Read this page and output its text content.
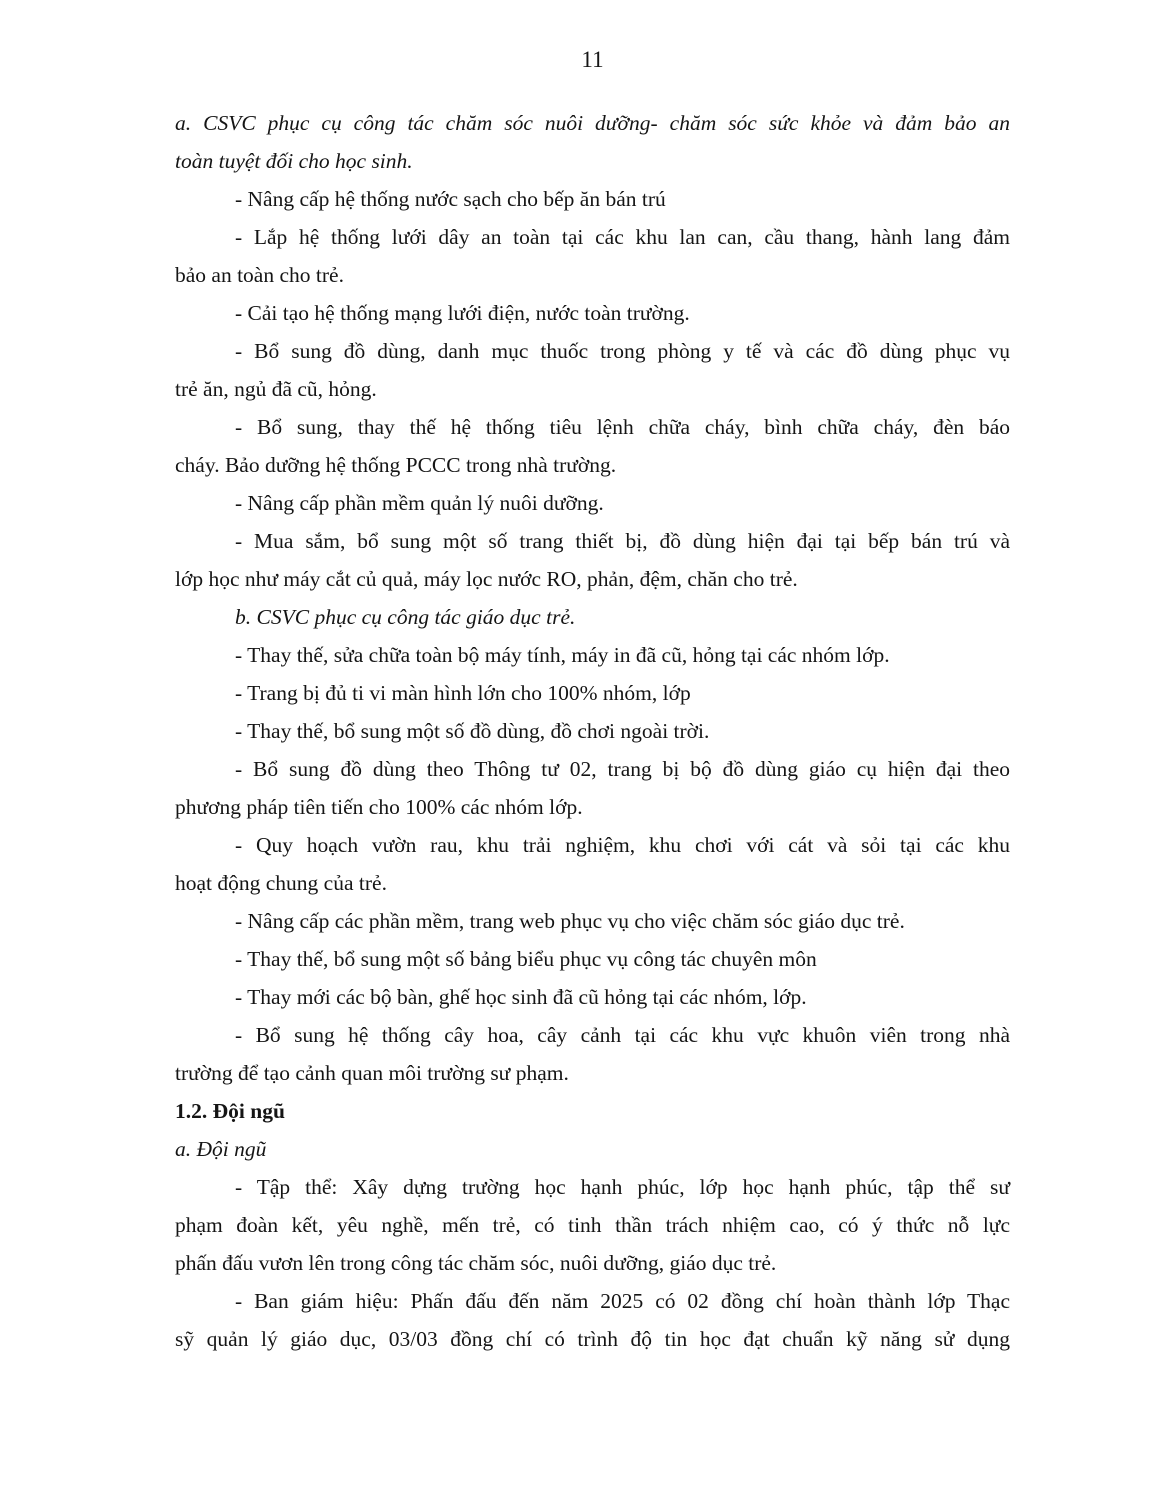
11
a. CSVC phục cụ công tác chăm sóc nuôi dưỡng- chăm sóc sức khỏe và đảm bảo an
toàn tuyệt đối cho học sinh.
- Nâng cấp hệ thống nước sạch cho bếp ăn bán trú
- Lắp hệ thống lưới dây an toàn tại các khu lan can, cầu thang, hành lang đảm
bảo an toàn cho trẻ.
- Cải tạo hệ thống mạng lưới điện, nước toàn trường.
- Bổ sung đồ dùng, danh mục thuốc trong phòng y tế và các đồ dùng phục vụ
trẻ ăn, ngủ đã cũ, hỏng.
- Bổ sung, thay thế hệ thống tiêu lệnh chữa cháy, bình chữa cháy, đèn báo
cháy. Bảo dưỡng hệ thống PCCC trong nhà trường.
- Nâng cấp phần mềm quản lý nuôi dưỡng.
- Mua sắm, bổ sung một số trang thiết bị, đồ dùng hiện đại tại bếp bán trú và
lớp học như máy cắt củ quả, máy lọc nước RO, phản, đệm, chăn cho trẻ.
b. CSVC phục cụ công tác giáo dục trẻ.
- Thay thế, sửa chữa toàn bộ máy tính, máy in đã cũ, hỏng tại các nhóm lớp.
- Trang bị đủ ti vi màn hình lớn cho 100% nhóm, lớp
- Thay thế, bổ sung một số đồ dùng, đồ chơi ngoài trời.
- Bổ sung đồ dùng theo Thông tư 02, trang bị bộ đồ dùng giáo cụ hiện đại theo
phương pháp tiên tiến cho 100% các nhóm lớp.
- Quy hoạch vườn rau, khu trải nghiệm, khu chơi với cát và sỏi tại các khu
hoạt động chung của trẻ.
- Nâng cấp các phần mềm, trang web phục vụ cho việc chăm sóc giáo dục trẻ.
- Thay thế, bổ sung một số bảng biểu phục vụ công tác chuyên môn
- Thay mới các bộ bàn, ghế học sinh đã cũ hỏng tại các nhóm, lớp.
- Bổ sung hệ thống cây hoa, cây cảnh tại các khu vực khuôn viên trong nhà
trường để tạo cảnh quan môi trường sư phạm.
1.2. Đội ngũ
a. Đội ngũ
- Tập thể: Xây dựng trường học hạnh phúc, lớp học hạnh phúc, tập thể sư
phạm đoàn kết, yêu nghề, mến trẻ, có tinh thần trách nhiệm cao, có ý thức nỗ lực
phấn đấu vươn lên trong công tác chăm sóc, nuôi dưỡng, giáo dục trẻ.
- Ban giám hiệu: Phấn đấu đến năm 2025 có 02 đồng chí hoàn thành lớp Thạc
sỹ quản lý giáo dục, 03/03 đồng chí có trình độ tin học đạt chuẩn kỹ năng sử dụng
